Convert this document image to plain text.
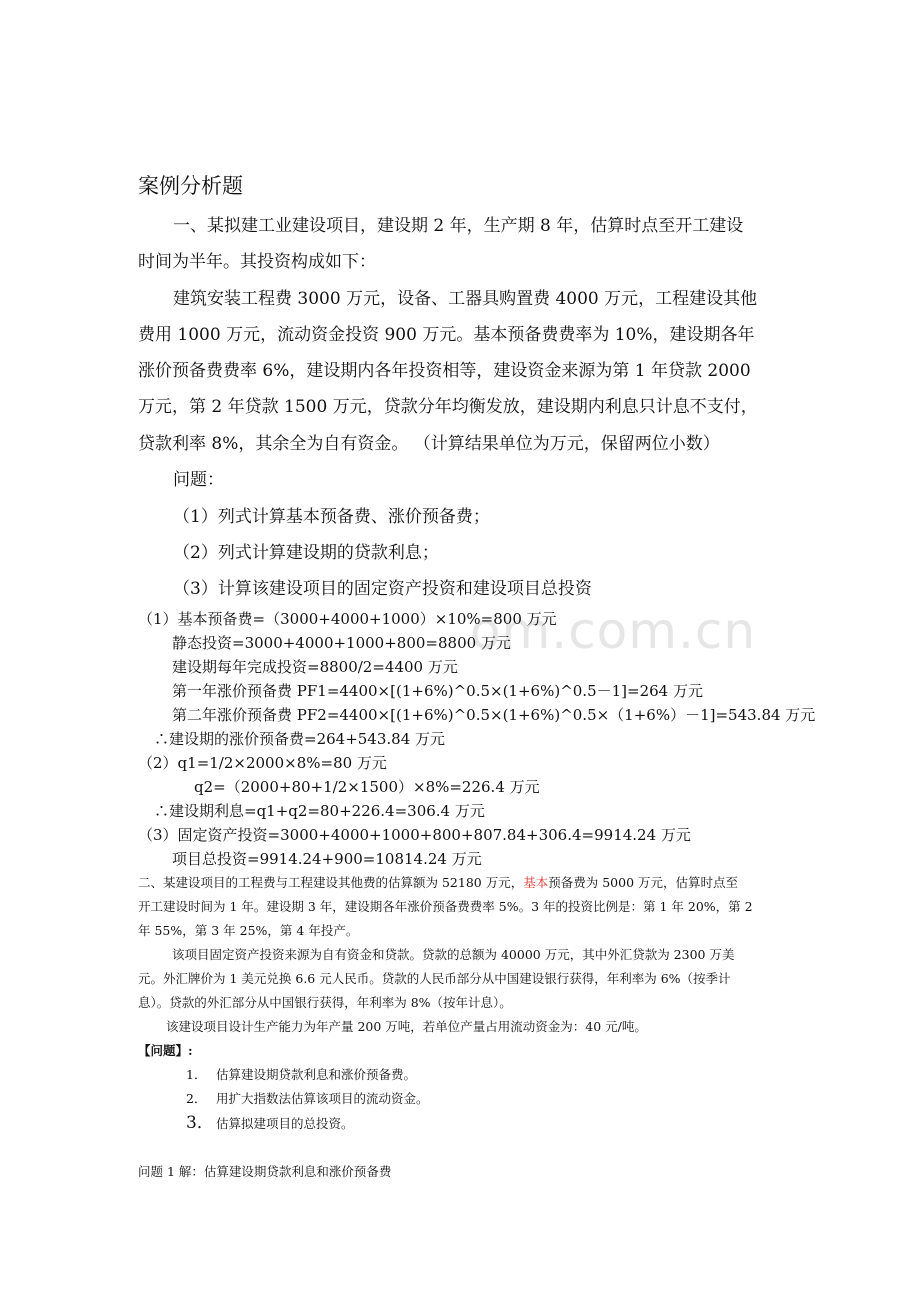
om.com.cn
案例分析题
一、某拟建工业建设项目，建设期 2 年，生产期 8 年，估算时点至开工建设
时间为半年。其投资构成如下：
建筑安装工程费 3000 万元，设备、工器具购置费 4000 万元，工程建设其他
费用 1000 万元，流动资金投资 900 万元。基本预备费费率为 10%，建设期各年
涨价预备费费率 6%，建设期内各年投资相等，建设资金来源为第 1 年贷款 2000
万元，第 2 年贷款 1500 万元，贷款分年均衡发放，建设期内利息只计息不支付，
贷款利率 8%，其余全为自有资金。 （计算结果单位为万元，保留两位小数）
问题：
（1）列式计算基本预备费、涨价预备费；
（2）列式计算建设期的贷款利息；
（3）计算该建设项目的固定资产投资和建设项目总投资
（1）基本预备费=（3000+4000+1000）×10%=800 万元
静态投资=3000+4000+1000+800=8800 万元
建设期每年完成投资=8800/2=4400 万元
第一年涨价预备费 PF1=4400×[(1+6%)^0.5×(1+6%)^0.5－1]=264 万元
第二年涨价预备费 PF2=4400×[(1+6%)^0.5×(1+6%)^0.5×（1+6%）－1]=543.84 万元
∴建设期的涨价预备费=264+543.84 万元
（2）q1=1/2×2000×8%=80 万元
q2=（2000+80+1/2×1500）×8%=226.4 万元
∴建设期利息=q1+q2=80+226.4=306.4 万元
（3）固定资产投资=3000+4000+1000+800+807.84+306.4=9914.24 万元
项目总投资=9914.24+900=10814.24 万元
二、某建设项目的工程费与工程建设其他费的估算额为 52180 万元，基本预备费为 5000 万元，估算时点至
开工建设时间为 1 年。建设期 3 年，建设期各年涨价预备费费率 5%。3 年的投资比例是：第 1 年 20%，第 2
年 55%，第 3 年 25%，第 4 年投产。
该项目固定资产投资来源为自有资金和贷款。贷款的总额为 40000 万元，其中外汇贷款为 2300 万美
元。外汇牌价为 1 美元兑换 6.6 元人民币。贷款的人民币部分从中国建设银行获得，年利率为 6%（按季计
息）。贷款的外汇部分从中国银行获得，年利率为 8%（按年计息）。
该建设项目设计生产能力为年产量 200 万吨，若单位产量占用流动资金为：40 元/吨。
【问题】:
1． 估算建设期贷款利息和涨价预备费。
2． 用扩大指数法估算该项目的流动资金。
3． 估算拟建项目的总投资。
问题 1 解：估算建设期贷款利息和涨价预备费
